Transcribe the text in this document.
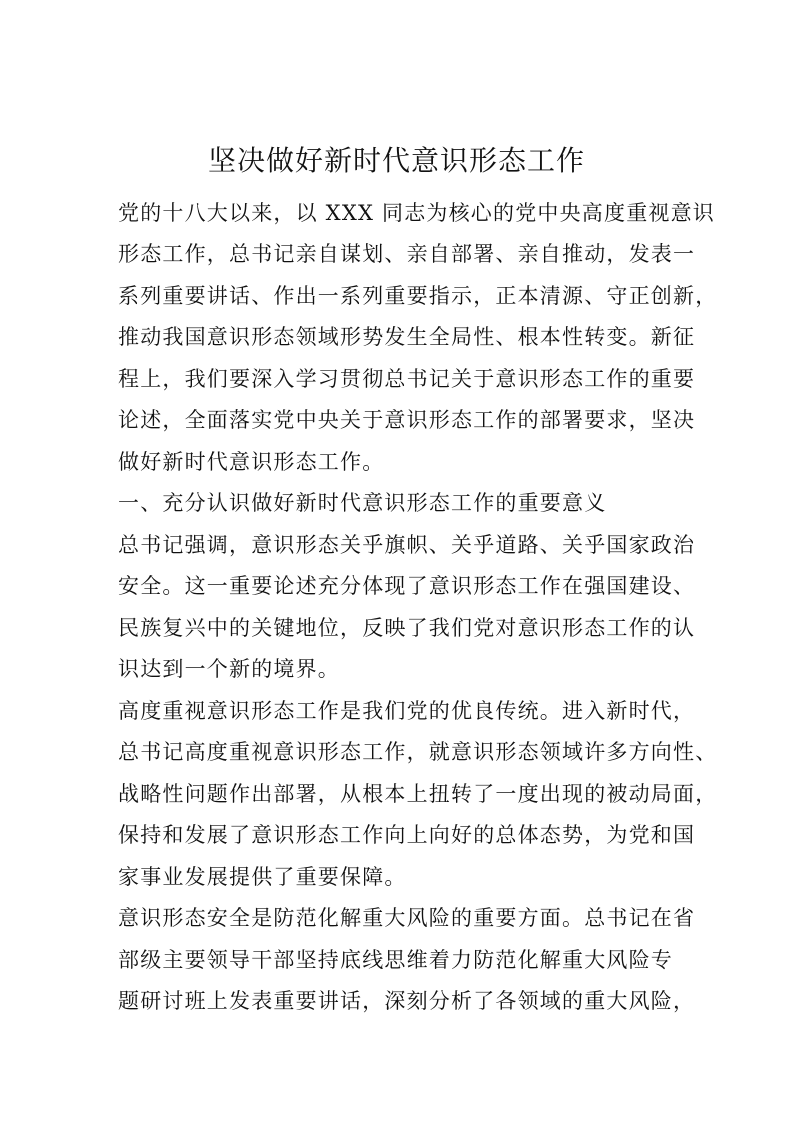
坚决做好新时代意识形态工作
党的十八大以来，以 XXX 同志为核心的党中央高度重视意识
形态工作，总书记亲自谋划、亲自部署、亲自推动，发表一
系列重要讲话、作出一系列重要指示，正本清源、守正创新，
推动我国意识形态领域形势发生全局性、根本性转变。新征
程上，我们要深入学习贯彻总书记关于意识形态工作的重要
论述，全面落实党中央关于意识形态工作的部署要求，坚决
做好新时代意识形态工作。
一、充分认识做好新时代意识形态工作的重要意义
总书记强调，意识形态关乎旗帜、关乎道路、关乎国家政治
安全。这一重要论述充分体现了意识形态工作在强国建设、
民族复兴中的关键地位，反映了我们党对意识形态工作的认
识达到一个新的境界。
高度重视意识形态工作是我们党的优良传统。进入新时代，
总书记高度重视意识形态工作，就意识形态领域许多方向性、
战略性问题作出部署，从根本上扭转了一度出现的被动局面，
保持和发展了意识形态工作向上向好的总体态势，为党和国
家事业发展提供了重要保障。
意识形态安全是防范化解重大风险的重要方面。总书记在省
部级主要领导干部坚持底线思维着力防范化解重大风险专
题研讨班上发表重要讲话，深刻分析了各领域的重大风险，
